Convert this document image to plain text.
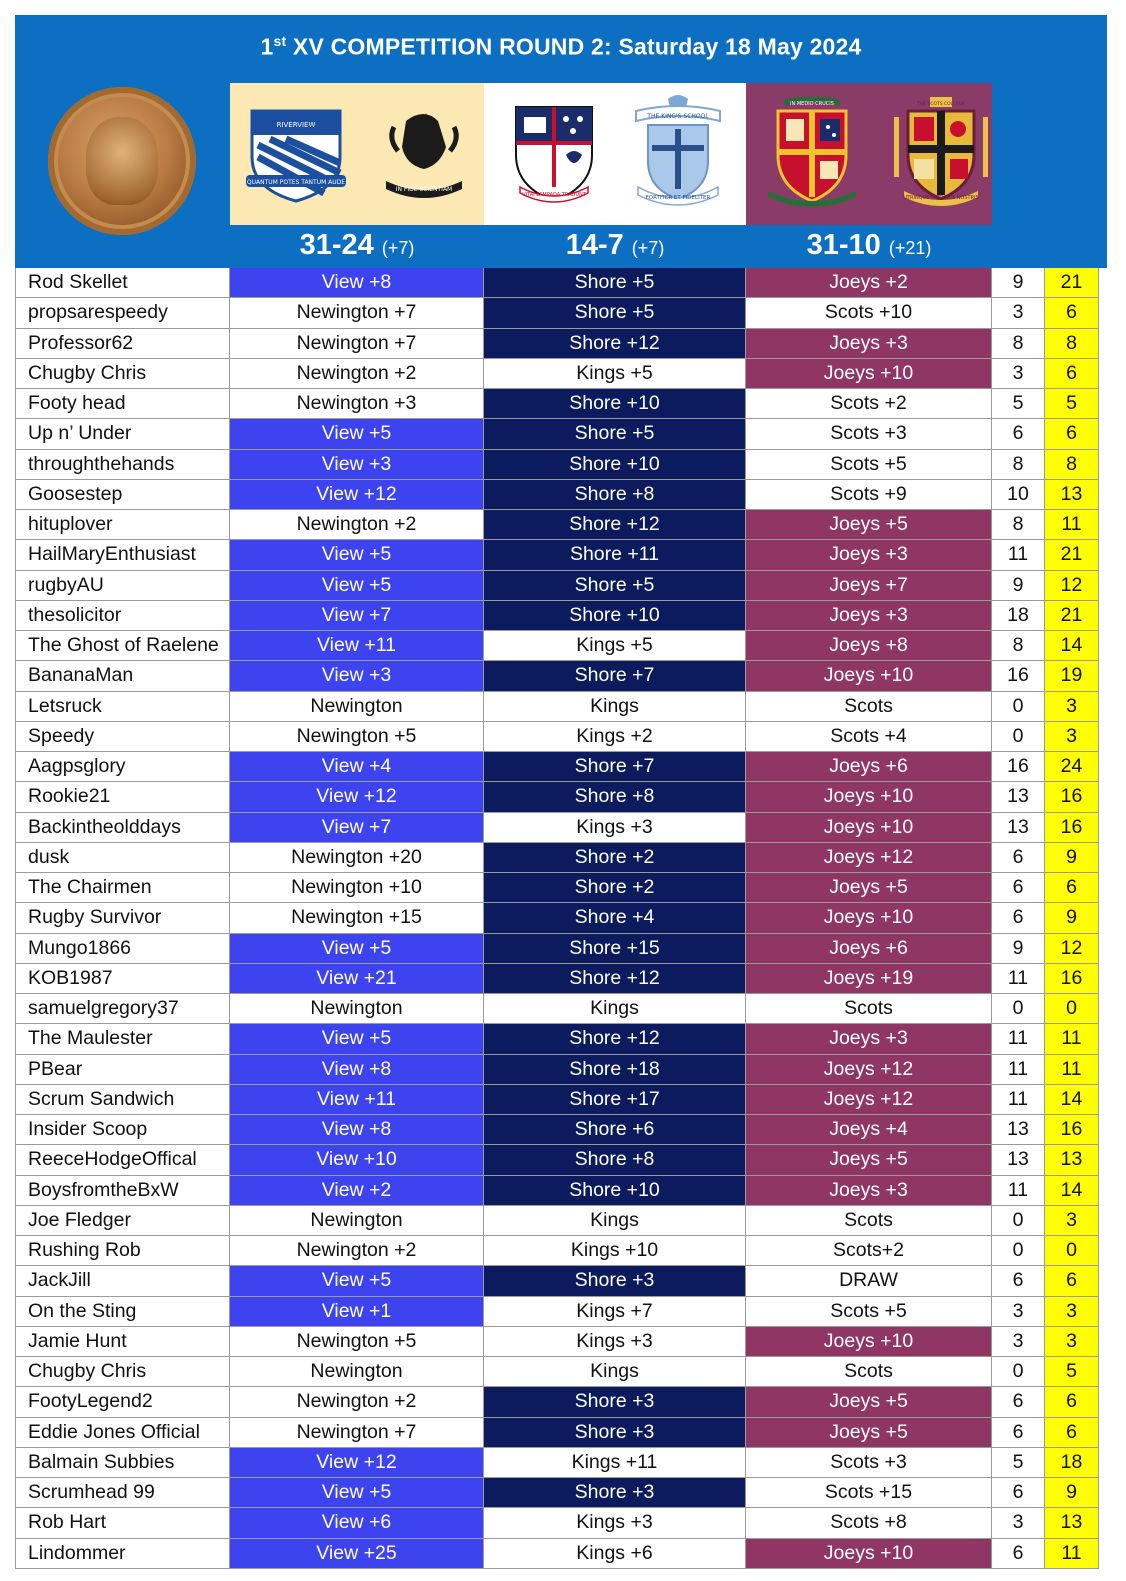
1st XV COMPETITION ROUND 2: Saturday 18 May 2024
QUANTUM POTES TANTUM AUDE
RIVERVIEW
IN FIDE SCIENTIAM
VITAI LAMPADA TRADUNT
THE KING'S SCHOOL
FORTITER ET FIDELITER
IN MEDIO CRUCIS
UTRINQUE PATRIBUS NOSTRIS
THE SCOTS COLLEGE
31-24 (+7)	14-7 (+7)	31-10 (+21)
Rod Skellet	View +8	Shore +5	Joeys +2	9	21
propsarespeedy	Newington +7	Shore +5	Scots +10	3	6
Professor62	Newington +7	Shore +12	Joeys +3	8	8
Chugby Chris	Newington +2	Kings +5	Joeys +10	3	6
Footy head	Newington +3	Shore +10	Scots +2	5	5
Up n’ Under	View +5	Shore +5	Scots +3	6	6
throughthehands	View +3	Shore +10	Scots +5	8	8
Goosestep	View +12	Shore +8	Scots +9	10	13
hituplover	Newington +2	Shore +12	Joeys +5	8	11
HailMaryEnthusiast	View +5	Shore +11	Joeys +3	11	21
rugbyAU	View +5	Shore +5	Joeys +7	9	12
thesolicitor	View +7	Shore +10	Joeys +3	18	21
The Ghost of Raelene	View +11	Kings +5	Joeys +8	8	14
BananaMan	View +3	Shore +7	Joeys +10	16	19
Letsruck	Newington	Kings	Scots	0	3
Speedy	Newington +5	Kings +2	Scots +4	0	3
Aagpsglory	View +4	Shore +7	Joeys +6	16	24
Rookie21	View +12	Shore +8	Joeys +10	13	16
Backintheolddays	View +7	Kings +3	Joeys +10	13	16
dusk	Newington +20	Shore +2	Joeys +12	6	9
The Chairmen	Newington +10	Shore +2	Joeys +5	6	6
Rugby Survivor	Newington +15	Shore +4	Joeys +10	6	9
Mungo1866	View +5	Shore +15	Joeys +6	9	12
KOB1987	View +21	Shore +12	Joeys +19	11	16
samuelgregory37	Newington	Kings	Scots	0	0
The Maulester	View +5	Shore +12	Joeys +3	11	11
PBear	View +8	Shore +18	Joeys +12	11	11
Scrum Sandwich	View +11	Shore +17	Joeys +12	11	14
Insider Scoop	View +8	Shore +6	Joeys +4	13	16
ReeceHodgeOffical	View +10	Shore +8	Joeys +5	13	13
BoysfromtheBxW	View +2	Shore +10	Joeys +3	11	14
Joe Fledger	Newington	Kings	Scots	0	3
Rushing Rob	Newington +2	Kings +10	Scots+2	0	0
JackJill	View +5	Shore +3	DRAW	6	6
On the Sting	View +1	Kings +7	Scots +5	3	3
Jamie Hunt	Newington +5	Kings +3	Joeys +10	3	3
Chugby Chris	Newington	Kings	Scots	0	5
FootyLegend2	Newington +2	Shore +3	Joeys +5	6	6
Eddie Jones Official	Newington +7	Shore +3	Joeys +5	6	6
Balmain Subbies	View +12	Kings +11	Scots +3	5	18
Scrumhead 99	View +5	Shore +3	Scots +15	6	9
Rob Hart	View +6	Kings +3	Scots +8	3	13
Lindommer	View +25	Kings +6	Joeys +10	6	11
